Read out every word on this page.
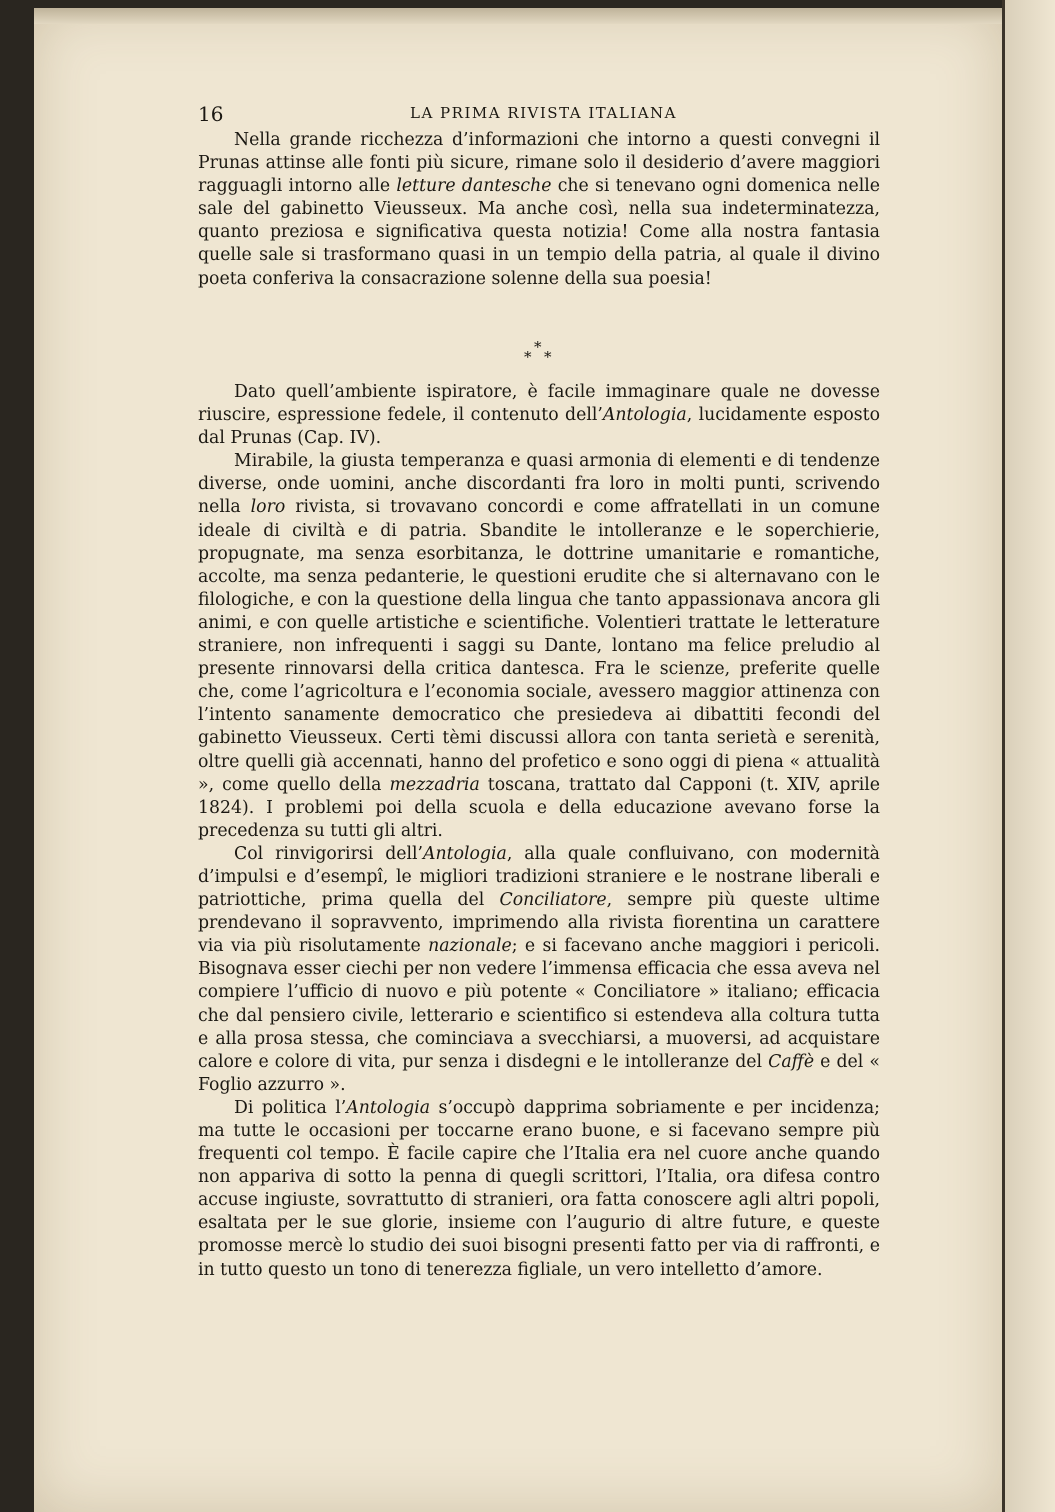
16	LA PRIMA RIVISTA ITALIANA

Nella grande ricchezza d’informazioni che intorno a questi convegni il Prunas attinse alle fonti più sicure, rimane solo il desiderio d’avere maggiori ragguagli intorno alle letture dantesche che si tenevano ogni domenica nelle sale del gabinetto Vieusseux. Ma anche così, nella sua indeterminatezza, quanto preziosa e significativa questa notizia! Come alla nostra fantasia quelle sale si trasformano quasi in un tempio della patria, al quale il divino poeta conferiva la consacrazione solenne della sua poesia!

*
* *

Dato quell’ambiente ispiratore, è facile immaginare quale ne dovesse riuscire, espressione fedele, il contenuto dell’Antologia, lucidamente esposto dal Prunas (Cap. IV).

Mirabile, la giusta temperanza e quasi armonia di elementi e di tendenze diverse, onde uomini, anche discordanti fra loro in molti punti, scrivendo nella loro rivista, si trovavano concordi e come affratellati in un comune ideale di civiltà e di patria. Sbandite le intolleranze e le soperchierie, propugnate, ma senza esorbitanza, le dottrine umanitarie e romantiche, accolte, ma senza pedanterie, le questioni erudite che si alternavano con le filologiche, e con la questione della lingua che tanto appassionava ancora gli animi, e con quelle artistiche e scientifiche. Volentieri trattate le letterature straniere, non infrequenti i saggi su Dante, lontano ma felice preludio al presente rinnovarsi della critica dantesca. Fra le scienze, preferite quelle che, come l’agricoltura e l’economia sociale, avessero maggior attinenza con l’intento sanamente democratico che presiedeva ai dibattiti fecondi del gabinetto Vieusseux. Certi tèmi discussi allora con tanta serietà e serenità, oltre quelli già accennati, hanno del profetico e sono oggi di piena « attualità », come quello della mezzadria toscana, trattato dal Capponi (t. XIV, aprile 1824). I problemi poi della scuola e della educazione avevano forse la precedenza su tutti gli altri.

Col rinvigorirsi dell’Antologia, alla quale confluivano, con modernità d’impulsi e d’esempî, le migliori tradizioni straniere e le nostrane liberali e patriottiche, prima quella del Conciliatore, sempre più queste ultime prendevano il sopravvento, imprimendo alla rivista fiorentina un carattere via via più risolutamente nazionale; e si facevano anche maggiori i pericoli. Bisognava esser ciechi per non vedere l’immensa efficacia che essa aveva nel compiere l’ufficio di nuovo e più potente « Conciliatore » italiano; efficacia che dal pensiero civile, letterario e scientifico si estendeva alla coltura tutta e alla prosa stessa, che cominciava a svecchiarsi, a muoversi, ad acquistare calore e colore di vita, pur senza i disdegni e le intolleranze del Caffè e del « Foglio azzurro ».

Di politica l’Antologia s’occupò dapprima sobriamente e per incidenza; ma tutte le occasioni per toccarne erano buone, e si facevano sempre più frequenti col tempo. È facile capire che l’Italia era nel cuore anche quando non appariva di sotto la penna di quegli scrittori, l’Italia, ora difesa contro accuse ingiuste, sovrattutto di stranieri, ora fatta conoscere agli altri popoli, esaltata per le sue glorie, insieme con l’augurio di altre future, e queste promosse mercè lo studio dei suoi bisogni presenti fatto per via di raffronti, e in tutto questo un tono di tenerezza figliale, un vero intelletto d’amore.
